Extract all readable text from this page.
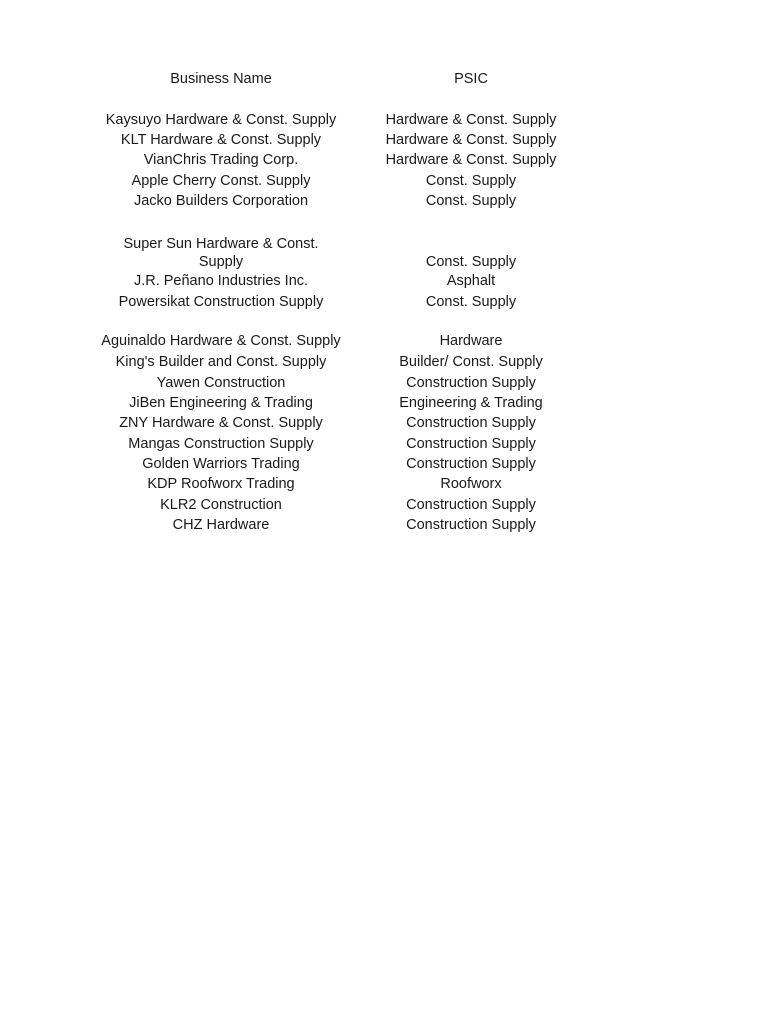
Business Name	PSIC
Kaysuyo Hardware & Const. Supply	Hardware & Const. Supply
KLT Hardware & Const. Supply	Hardware & Const. Supply
VianChris Trading Corp.	Hardware & Const. Supply
Apple Cherry Const. Supply	Const. Supply
Jacko Builders Corporation	Const. Supply
Super Sun Hardware & Const.
Supply	Const. Supply
J.R. Peñano Industries Inc.	Asphalt
Powersikat Construction Supply	Const. Supply
Aguinaldo Hardware & Const. Supply	Hardware
King's Builder and Const. Supply	Builder/ Const. Supply
Yawen Construction	Construction Supply
JiBen Engineering & Trading	Engineering & Trading
ZNY Hardware & Const. Supply	Construction Supply
Mangas Construction Supply	Construction Supply
Golden Warriors Trading	Construction Supply
KDP Roofworx Trading	Roofworx
KLR2 Construction	Construction Supply
CHZ Hardware	Construction Supply
